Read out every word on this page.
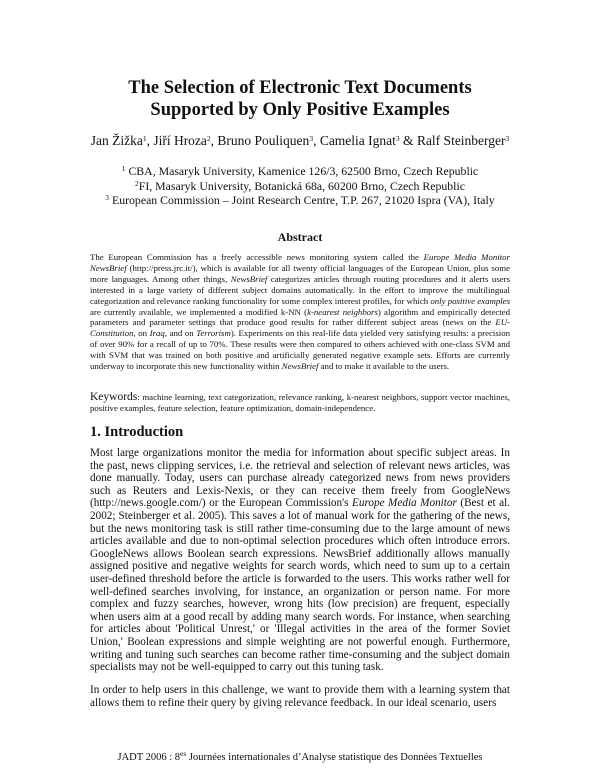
The Selection of Electronic Text Documents
Supported by Only Positive Examples
Jan Žižka$^1$, Jiří Hroza$^2$, Bruno Pouliquen$^3$, Camelia Ignat$^3$ & Ralf Steinberger$^3$
$^1$ CBA, Masaryk University, Kamenice 126/3, 62500 Brno, Czech Republic
$^2$FI, Masaryk University, Botanická 68a, 60200 Brno, Czech Republic
$^3$ European Commission – Joint Research Centre, T.P. 267, 21020 Ispra (VA), Italy
Abstract
The European Commission has a freely accessible news monitoring system called the Europe Media Monitor NewsBrief (http://press.jrc.it/), which is available for all twenty official languages of the European Union, plus some more languages. Among other things, NewsBrief categorizes articles through routing procedures and it alerts users interested in a large variety of different subject domains automatically. In the effort to improve the multilingual categorization and relevance ranking functionality for some complex interest profiles, for which only positive examples are currently available, we implemented a modified k-NN (k-nearest neighbors) algorithm and empirically detected parameters and parameter settings that produce good results for rather different subject areas (news on the EU-Constitution, on Iraq, and on Terrorism). Experiments on this real-life data yielded very satisfying results: a precision of over 90% for a recall of up to 70%. These results were then compared to others achieved with one-class SVM and with SVM that was trained on both positive and artificially generated negative example sets. Efforts are currently underway to incorporate this new functionality within NewsBrief and to make it available to the users.
Keywords: machine learning, text categorization, relevance ranking, k-nearest neighbors, support vector machines, positive examples, feature selection, feature optimization, domain-independence.
1. Introduction
Most large organizations monitor the media for information about specific subject areas. In the past, news clipping services, i.e. the retrieval and selection of relevant news articles, was done manually. Today, users can purchase already categorized news from news providers such as Reuters and Lexis-Nexis, or they can receive them freely from GoogleNews (http://news.google.com/) or the European Commission's Europe Media Monitor (Best et al. 2002; Steinberger et al. 2005). This saves a lot of manual work for the gathering of the news, but the news monitoring task is still rather time-consuming due to the large amount of news articles available and due to non-optimal selection procedures which often introduce errors. GoogleNews allows Boolean search expressions. NewsBrief additionally allows manually assigned positive and negative weights for search words, which need to sum up to a certain user-defined threshold before the article is forwarded to the users. This works rather well for well-defined searches involving, for instance, an organization or person name. For more complex and fuzzy searches, however, wrong hits (low precision) are frequent, especially when users aim at a good recall by adding many search words. For instance, when searching for articles about 'Political Unrest,' or 'Illegal activities in the area of the former Soviet Union,' Boolean expressions and simple weighting are not powerful enough. Furthermore, writing and tuning such searches can become rather time-consuming and the subject domain specialists may not be well-equipped to carry out this tuning task.
In order to help users in this challenge, we want to provide them with a learning system that allows them to refine their query by giving relevance feedback. In our ideal scenario, users
JADT 2006 : $8^{es}$ Journées internationales d’Analyse statistique des Données Textuelles
